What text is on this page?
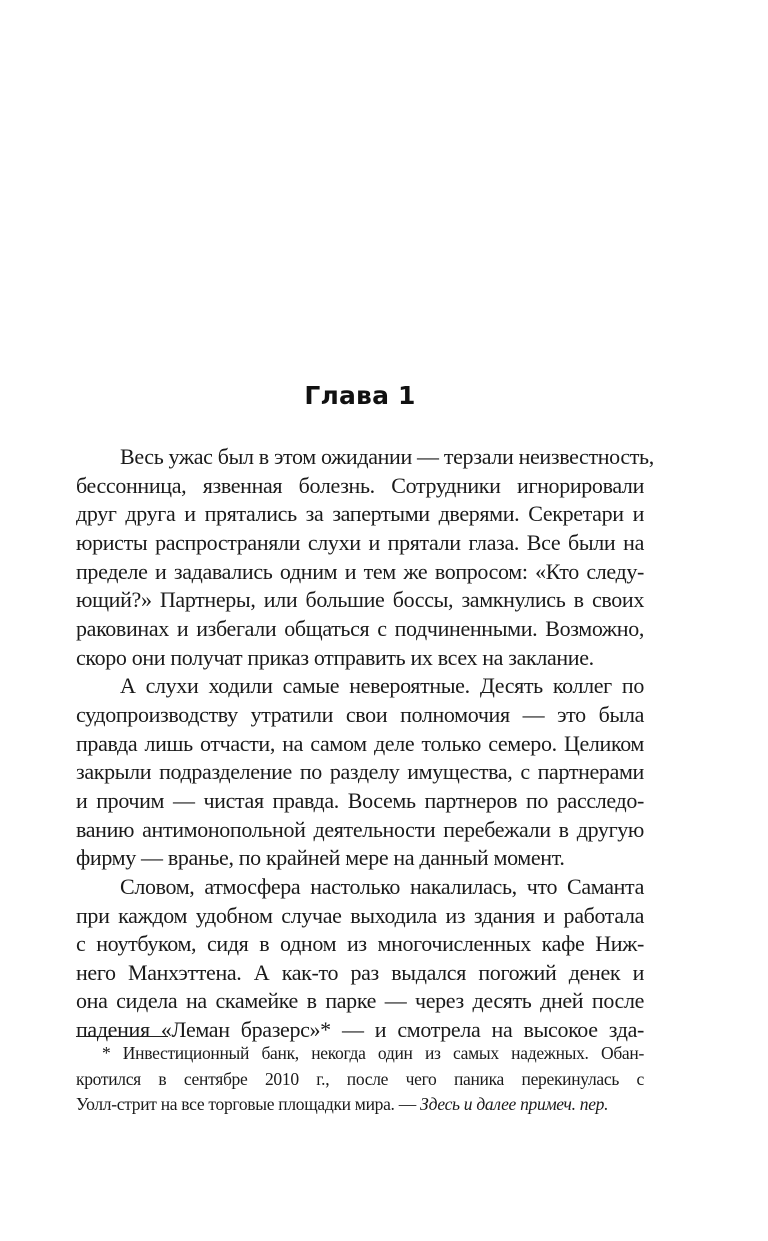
Глава 1
Весь ужас был в этом ожидании — терзали неизвестность,
бессонница, язвенная болезнь. Сотрудники игнорировали
друг друга и прятались за запертыми дверями. Секретари и
юристы распространяли слухи и прятали глаза. Все были на
пределе и задавались одним и тем же вопросом: «Кто следу-
ющий?» Партнеры, или большие боссы, замкнулись в своих
раковинах и избегали общаться с подчиненными. Возможно,
скоро они получат приказ отправить их всех на заклание.
А слухи ходили самые невероятные. Десять коллег по
судопроизводству утратили свои полномочия — это была
правда лишь отчасти, на самом деле только семеро. Целиком
закрыли подразделение по разделу имущества, с партнерами
и прочим — чистая правда. Восемь партнеров по расследо-
ванию антимонопольной деятельности перебежали в другую
фирму — вранье, по крайней мере на данный момент.
Словом, атмосфера настолько накалилась, что Саманта
при каждом удобном случае выходила из здания и работала
с ноутбуком, сидя в одном из многочисленных кафе Ниж-
него Манхэттена. А как-то раз выдался погожий денек и
она сидела на скамейке в парке — через десять дней после
падения «Леман бразерс»* — и смотрела на высокое зда-
* Инвестиционный банк, некогда один из самых надежных. Обан-
кротился в сентябре 2010 г., после чего паника перекинулась с
Уолл-стрит на все торговые площадки мира. — Здесь и далее примеч. пер.
